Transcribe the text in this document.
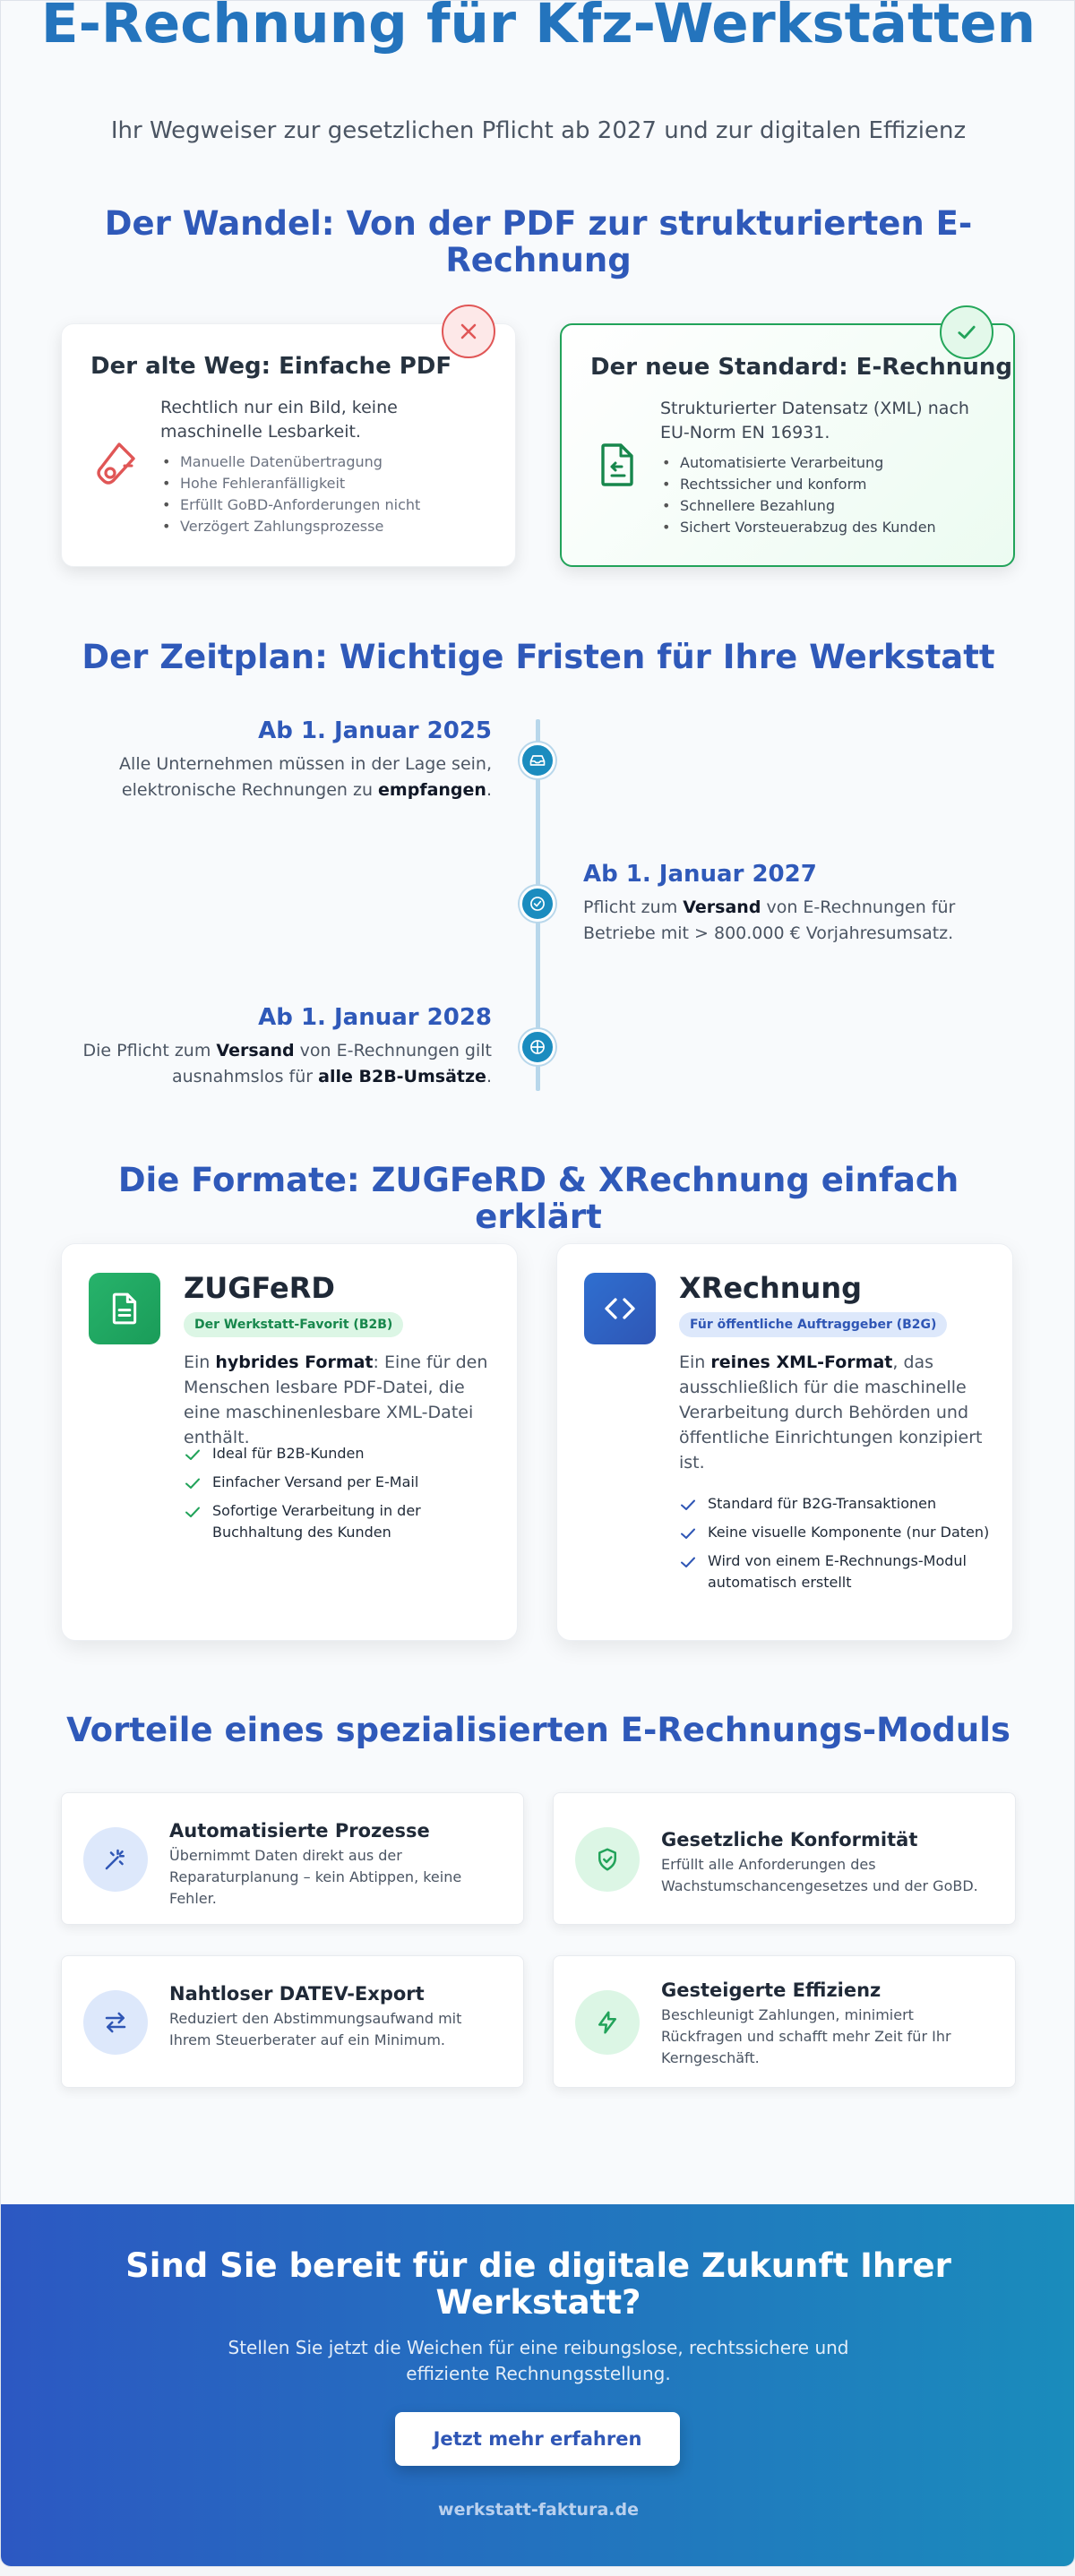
E-Rechnung für Kfz-Werkstätten

Ihr Wegweiser zur gesetzlichen Pflicht ab 2027 und zur digitalen Effizienz

Der Wandel: Von der PDF zur strukturierten E-Rechnung
Der alte Weg: Einfache PDF

Rechtlich nur ein Bild, keine maschinelle Lesbarkeit.

• Manuelle Datenübertragung
• Hohe Fehleranfälligkeit
• Erfüllt GoBD-Anforderungen nicht
• Verzögert Zahlungsprozesse
Der neue Standard: E-Rechnung

Strukturierter Datensatz (XML) nach EU-Norm EN 16931.

• Automatisierte Verarbeitung
• Rechtssicher und konform
• Schnellere Bezahlung
• Sichert Vorsteuerabzug des Kunden
Der Zeitplan: Wichtige Fristen für Ihre Werkstatt
Ab 1. Januar 2025

Alle Unternehmen müssen in der Lage sein, elektronische Rechnungen zu empfangen.

Ab 1. Januar 2027

Pflicht zum Versand von E-Rechnungen für Betriebe mit > 800.000 € Vorjahresumsatz.

Ab 1. Januar 2028

Die Pflicht zum Versand von E-Rechnungen gilt ausnahmslos für alle B2B-Umsätze.

Die Formate: ZUGFeRD & XRechnung einfach erklärt
ZUGFeRD
Der Werkstatt-Favorit (B2B)

Ein hybrides Format: Eine für den Menschen lesbare PDF-Datei, die eine maschinenlesbare XML-Datei enthält.

Ideal für B2B-Kunden
Einfacher Versand per E-Mail
Sofortige Verarbeitung in der Buchhaltung des Kunden
XRechnung
Für öffentliche Auftraggeber (B2G)

Ein reines XML-Format, das ausschließlich für die maschinelle Verarbeitung durch Behörden und öffentliche Einrichtungen konzipiert ist.

Standard für B2G-Transaktionen
Keine visuelle Komponente (nur Daten)
Wird von einem E-Rechnungs-Modul automatisch erstellt
Vorteile eines spezialisierten E-Rechnungs-Moduls
Automatisierte Prozesse
Übernimmt Daten direkt aus der Reparaturplanung – kein Abtippen, keine Fehler.
Gesetzliche Konformität
Erfüllt alle Anforderungen des Wachstumschancengesetzes und der GoBD.
Nahtloser DATEV-Export
Reduziert den Abstimmungsaufwand mit Ihrem Steuerberater auf ein Minimum.
Gesteigerte Effizienz
Beschleunigt Zahlungen, minimiert Rückfragen und schafft mehr Zeit für Ihr Kerngeschäft.
Sind Sie bereit für die digitale Zukunft Ihrer Werkstatt?

Stellen Sie jetzt die Weichen für eine reibungslose, rechtssichere und effiziente Rechnungsstellung.

Jetzt mehr erfahren
werkstatt-faktura.de
